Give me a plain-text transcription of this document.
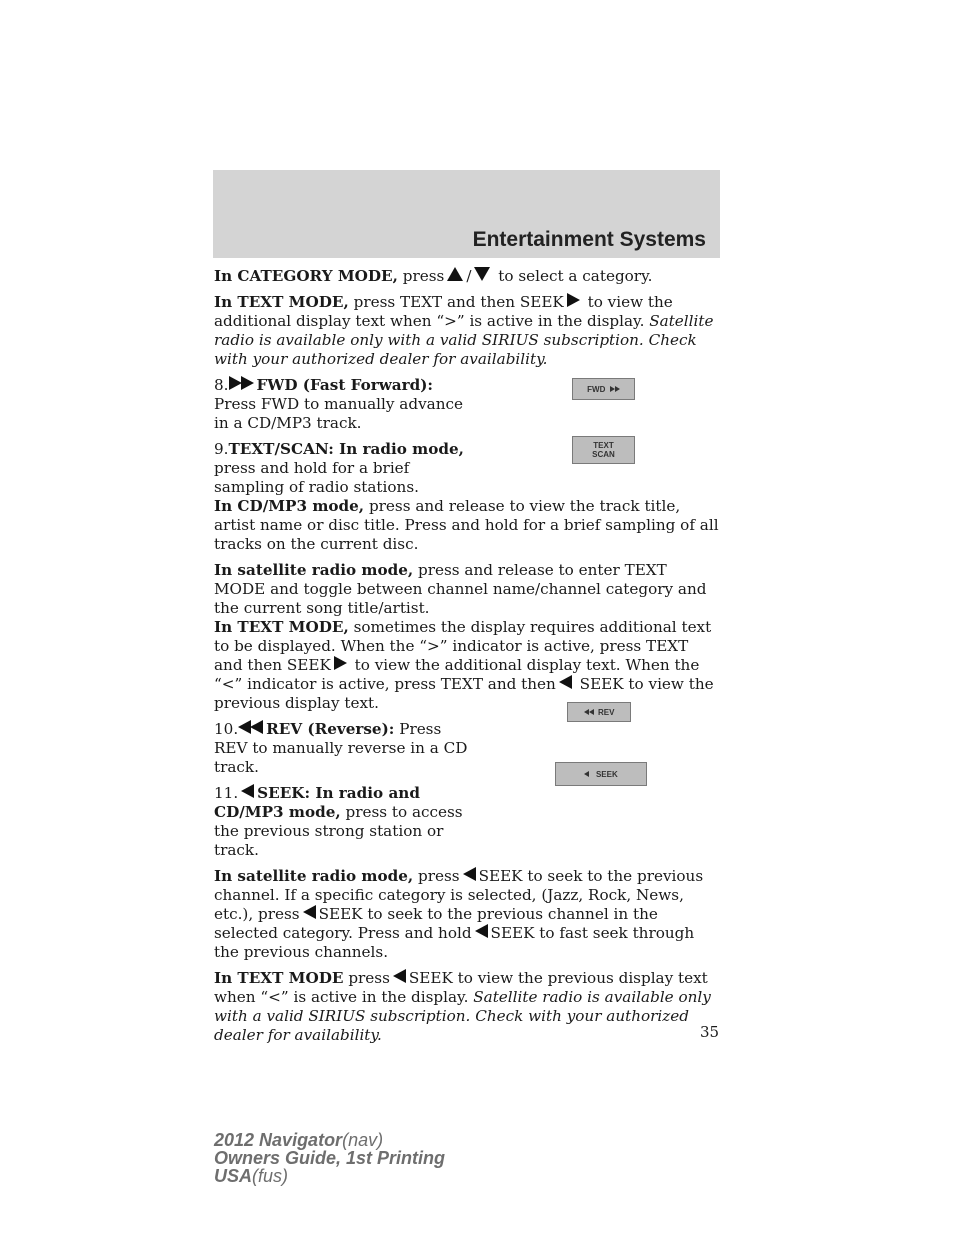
Entertainment Systems

In CATEGORY MODE, press / to select a category.

In TEXT MODE, press TEXT and then SEEK to view the additional display text when “>” is active in the display. Satellite radio is available only with a valid SIRIUS subscription. Check with your authorized dealer for availability.

8. FWD (Fast Forward): Press FWD to manually advance in a CD/MP3 track.

9.TEXT/SCAN: In radio mode, press and hold for a brief sampling of radio stations.

In CD/MP3 mode, press and release to view the track title, artist name or disc title. Press and hold for a brief sampling of all tracks on the current disc.

In satellite radio mode, press and release to enter TEXT MODE and toggle between channel name/channel category and the current song title/artist.

In TEXT MODE, sometimes the display requires additional text to be displayed. When the “>” indicator is active, press TEXT and then SEEK to view the additional display text. When the “<” indicator is active, press TEXT and then SEEK to view the previous display text.

10. REV (Reverse): Press REV to manually reverse in a CD track.

11. SEEK: In radio and CD/MP3 mode, press to access the previous strong station or track.

In satellite radio mode, press SEEK to seek to the previous channel. If a specific category is selected, (Jazz, Rock, News, etc.), press SEEK to seek to the previous channel in the selected category. Press and hold SEEK to fast seek through the previous channels.

In TEXT MODE press SEEK to view the previous display text when “<” is active in the display. Satellite radio is available only with a valid SIRIUS subscription. Check with your authorized dealer for availability.

FWD

TEXT
SCAN

REV

SEEK
35
2012 Navigator(nav)
Owners Guide, 1st Printing
USA(fus)
